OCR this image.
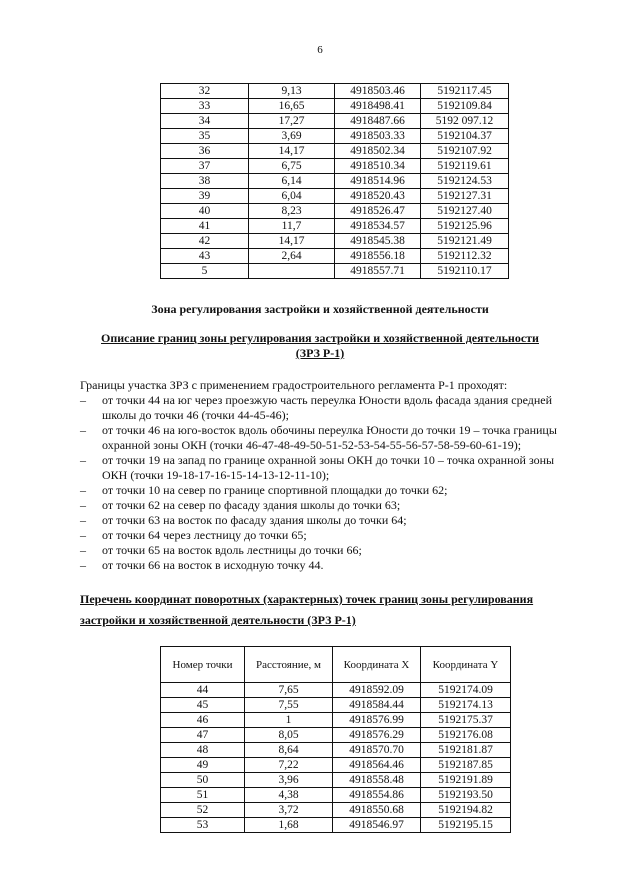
6
32	9,13	4918503.46	5192117.45
33	16,65	4918498.41	5192109.84
34	17,27	4918487.66	5192 097.12
35	3,69	4918503.33	5192104.37
36	14,17	4918502.34	5192107.92
37	6,75	4918510.34	5192119.61
38	6,14	4918514.96	5192124.53
39	6,04	4918520.43	5192127.31
40	8,23	4918526.47	5192127.40
41	11,7	4918534.57	5192125.96
42	14,17	4918545.38	5192121.49
43	2,64	4918556.18	5192112.32
5		4918557.71	5192110.17
Зона регулирования застройки и хозяйственной деятельности
Описание границ зоны регулирования застройки и хозяйственной деятельности
(ЗРЗ Р-1)
Границы участка ЗРЗ с применением градостроительного регламента Р-1 проходят:
– от точки 44 на юг через проезжую часть переулка Юности вдоль фасада здания средней школы до точки 46 (точки 44-45-46);
– от точки 46 на юго-восток вдоль обочины переулка Юности до точки 19 – точка границы охранной зоны ОКН (точки 46-47-48-49-50-51-52-53-54-55-56-57-58-59-60-61-19);
– от точки 19 на запад по границе охранной зоны ОКН до точки 10 – точка охранной зоны ОКН (точки 19-18-17-16-15-14-13-12-11-10);
– от точки 10 на север по границе спортивной площадки до точки 62;
– от точки 62 на север по фасаду здания школы до точки 63;
– от точки 63 на восток по фасаду здания школы до точки 64;
– от точки 64 через лестницу до точки 65;
– от точки 65 на восток вдоль лестницы до точки 66;
– от точки 66 на восток в исходную точку 44.
Перечень координат поворотных (характерных) точек границ зоны регулирования
застройки и хозяйственной деятельности (ЗРЗ Р-1)
Номер точки	Расстояние, м	Координата X	Координата Y
44	7,65	4918592.09	5192174.09
45	7,55	4918584.44	5192174.13
46	1	4918576.99	5192175.37
47	8,05	4918576.29	5192176.08
48	8,64	4918570.70	5192181.87
49	7,22	4918564.46	5192187.85
50	3,96	4918558.48	5192191.89
51	4,38	4918554.86	5192193.50
52	3,72	4918550.68	5192194.82
53	1,68	4918546.97	5192195.15
